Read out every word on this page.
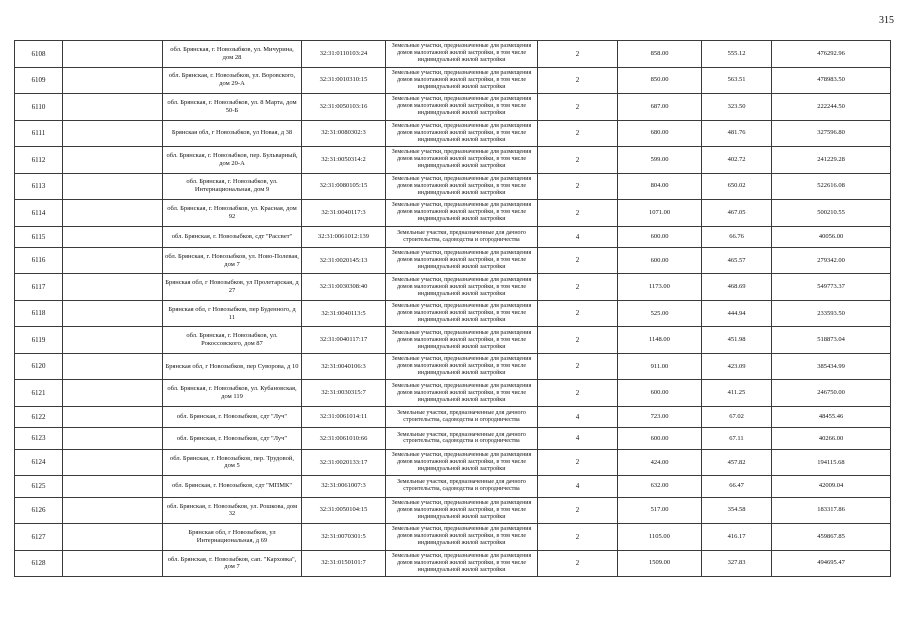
315
6108		обл. Брянская, г. Новозыбков, ул. Мичурина, дом 28	32:31:0110103:24	Земельные участки, предназначенные для размещения домов малоэтажной жилой застройки, в том числе индивидуальной жилой застройки	2	858.00	555.12	476292.96
6109		обл. Брянская, г. Новозыбков, ул. Воровского, дом 29-А	32:31:0010310:15	Земельные участки, предназначенные для размещения домов малоэтажной жилой застройки, в том числе индивидуальной жилой застройки	2	850.00	563.51	478983.50
6110		обл. Брянская, г. Новозыбков, ул. 8 Марта, дом 50-Б	32:31:0050103:16	Земельные участки, предназначенные для размещения домов малоэтажной жилой застройки, в том числе индивидуальной жилой застройки	2	687.00	323.50	222244.50
6111		Брянская обл, г Новозыбков, ул Новая, д 38	32:31:0080302:3	Земельные участки, предназначенные для размещения домов малоэтажной жилой застройки, в том числе индивидуальной жилой застройки	2	680.00	481.76	327596.80
6112		обл. Брянская, г. Новозыбков, пер. Бульварный, дом 20-А	32:31:0050314:2	Земельные участки, предназначенные для размещения домов малоэтажной жилой застройки, в том числе индивидуальной жилой застройки	2	599.00	402.72	241229.28
6113		обл. Брянская, г. Новозыбков, ул. Интернациональная, дом 9	32:31:0080105:15	Земельные участки, предназначенные для размещения домов малоэтажной жилой застройки, в том числе индивидуальной жилой застройки	2	804.00	650.02	522616.08
6114		обл. Брянская, г. Новозыбков, ул. Красная, дом 92	32:31:0040117:3	Земельные участки, предназначенные для размещения домов малоэтажной жилой застройки, в том числе индивидуальной жилой застройки	2	1071.00	467.05	500210.55
6115		обл. Брянская, г. Новозыбков, сдт "Рассвет"	32:31:0061012:139	Земельные участки, предназначенные для дачного строительства, садоводства и огородничества	4	600.00	66.76	40056.00
6116		обл. Брянская, г. Новозыбков, ул. Ново-Полевая, дом 7	32:31:0020145:13	Земельные участки, предназначенные для размещения домов малоэтажной жилой застройки, в том числе индивидуальной жилой застройки	2	600.00	465.57	279342.00
6117		Брянская обл, г Новозыбков, ул Пролетарская, д 27	32:31:0030308:40	Земельные участки, предназначенные для размещения домов малоэтажной жилой застройки, в том числе индивидуальной жилой застройки	2	1173.00	468.69	549773.37
6118		Брянская обл, г Новозыбков, пер Буденного, д 11	32:31:0040113:5	Земельные участки, предназначенные для размещения домов малоэтажной жилой застройки, в том числе индивидуальной жилой застройки	2	525.00	444.94	233593.50
6119		обл. Брянская, г. Новозыбков, ул. Рокоссовского, дом 87	32:31:0040117:17	Земельные участки, предназначенные для размещения домов малоэтажной жилой застройки, в том числе индивидуальной жилой застройки	2	1148.00	451.98	518873.04
6120		Брянская обл, г Новозыбков, пер Суворова, д 10	32:31:0040106:3	Земельные участки, предназначенные для размещения домов малоэтажной жилой застройки, в том числе индивидуальной жилой застройки	2	911.00	423.09	385434.99
6121		обл. Брянская, г. Новозыбков, ул. Кубановская, дом 119	32:31:0030315:7	Земельные участки, предназначенные для размещения домов малоэтажной жилой застройки, в том числе индивидуальной жилой застройки	2	600.00	411.25	246750.00
6122		обл. Брянская, г. Новозыбков, сдт "Луч"	32:31:0061014:11	Земельные участки, предназначенные для дачного строительства, садоводства и огородничества	4	723.00	67.02	48455.46
6123		обл. Брянская, г. Новозыбков, сдт "Луч"	32:31:0061010:66	Земельные участки, предназначенные для дачного строительства, садоводства и огородничества	4	600.00	67.11	40266.00
6124		обл. Брянская, г. Новозыбков, пер. Трудовой, дом 5	32:31:0020133:17	Земельные участки, предназначенные для размещения домов малоэтажной жилой застройки, в том числе индивидуальной жилой застройки	2	424.00	457.82	194115.68
6125		обл. Брянская, г. Новозыбков, сдт "МПМК"	32:31:0061007:3	Земельные участки, предназначенные для дачного строительства, садоводства и огородничества	4	632.00	66.47	42009.04
6126		обл. Брянская, г. Новозыбков, ул. Рошкова, дом 32	32:31:0050104:15	Земельные участки, предназначенные для размещения домов малоэтажной жилой застройки, в том числе индивидуальной жилой застройки	2	517.00	354.58	183317.86
6127		Брянская обл, г Новозыбков, ул Интернациональная, д 69	32:31:0070301:5	Земельные участки, предназначенные для размещения домов малоэтажной жилой застройки, в том числе индивидуальной жилой застройки	2	1105.00	416.17	459867.85
6128		обл. Брянская, г. Новозыбков, сап. "Карховка", дом 7	32:31:0150101:7	Земельные участки, предназначенные для размещения домов малоэтажной жилой застройки, в том числе индивидуальной жилой застройки	2	1509.00	327.83	494695.47
